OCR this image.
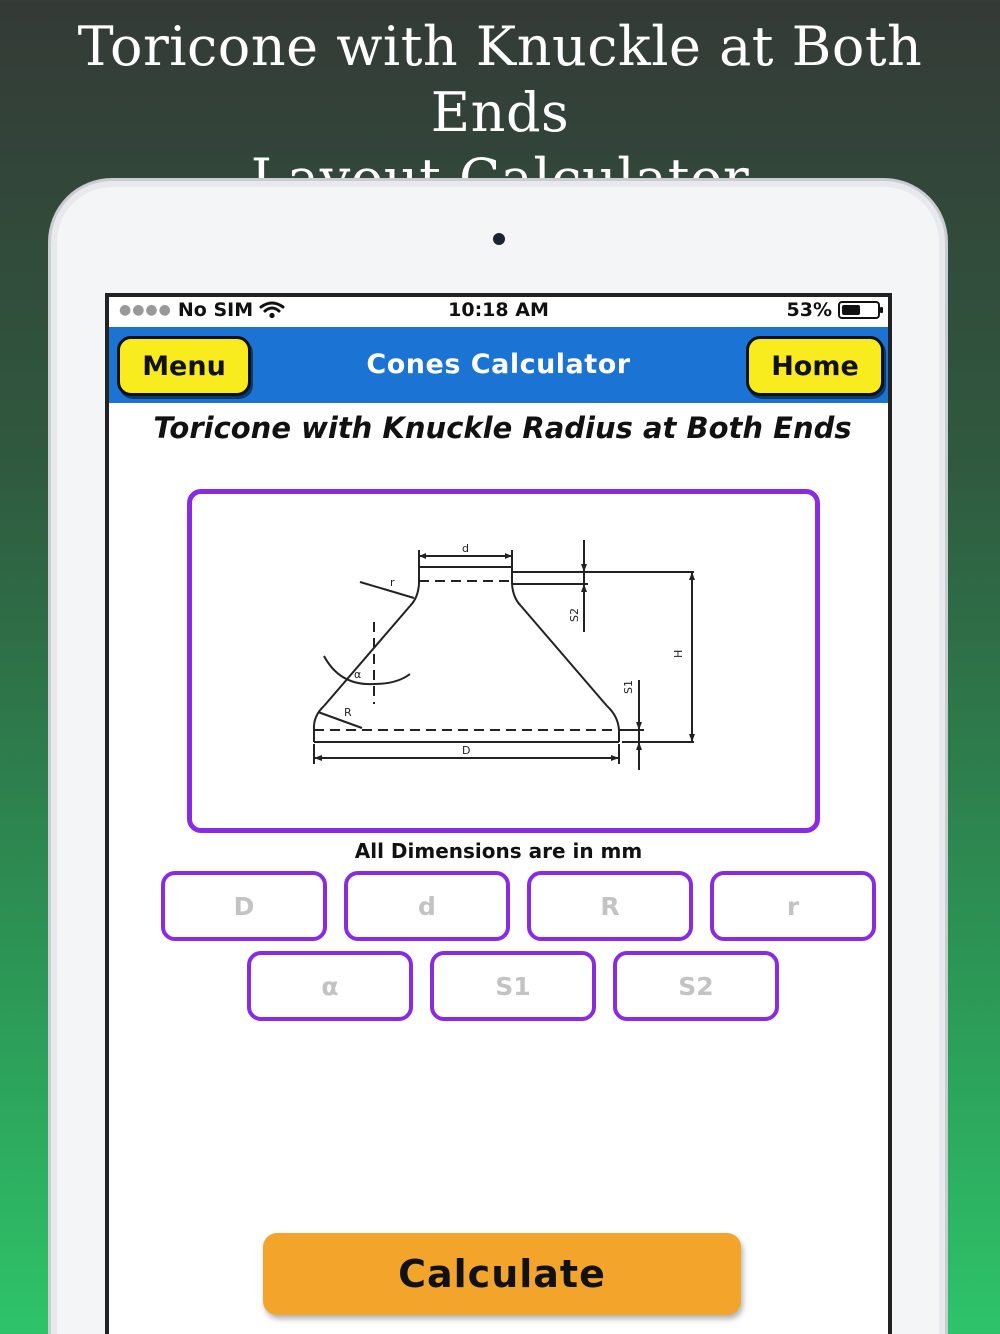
Toricone with Knuckle at Both Ends
●●●● No SIM	10:18 AM	53%
Menu	Cones Calculator	Home
Toricone with Knuckle Radius at Both Ends
d
r
S2
H
α
S1
R
D
All Dimensions are in mm
D
d
R
r
α
S1
S2
Calculate
